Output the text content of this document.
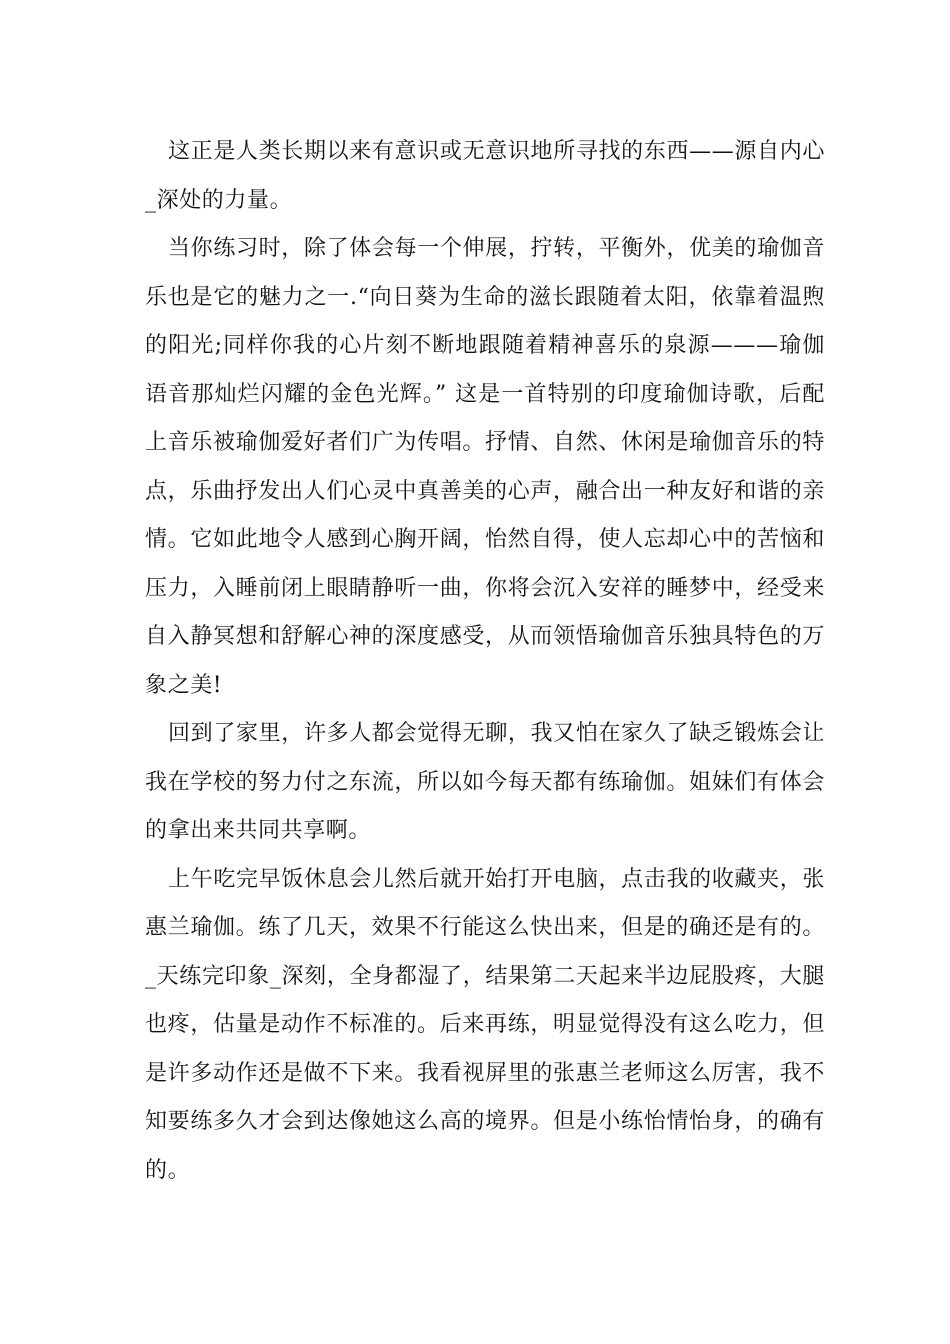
这正是人类长期以来有意识或无意识地所寻找的东西——源自内心_深处的力量。

当你练习时，除了体会每一个伸展，拧转，平衡外，优美的瑜伽音乐也是它的魅力之一.“向日葵为生命的滋长跟随着太阳，依靠着温煦的阳光;同样你我的心片刻不断地跟随着精神喜乐的泉源———瑜伽语音那灿烂闪耀的金色光辉。” 这是一首特别的印度瑜伽诗歌，后配上音乐被瑜伽爱好者们广为传唱。抒情、自然、休闲是瑜伽音乐的特点，乐曲抒发出人们心灵中真善美的心声，融合出一种友好和谐的亲情。它如此地令人感到心胸开阔，怡然自得，使人忘却心中的苦恼和压力，入睡前闭上眼睛静听一曲，你将会沉入安祥的睡梦中，经受来自入静冥想和舒解心神的深度感受，从而领悟瑜伽音乐独具特色的万象之美!

回到了家里，许多人都会觉得无聊，我又怕在家久了缺乏锻炼会让我在学校的努力付之东流，所以如今每天都有练瑜伽。姐妹们有体会的拿出来共同共享啊。

上午吃完早饭休息会儿然后就开始打开电脑，点击我的收藏夹，张惠兰瑜伽。练了几天，效果不行能这么快出来，但是的确还是有的。_天练完印象_深刻，全身都湿了，结果第二天起来半边屁股疼，大腿也疼，估量是动作不标准的。后来再练，明显觉得没有这么吃力，但是许多动作还是做不下来。我看视屏里的张惠兰老师这么厉害，我不知要练多久才会到达像她这么高的境界。但是小练怡情怡身，的确有的。
